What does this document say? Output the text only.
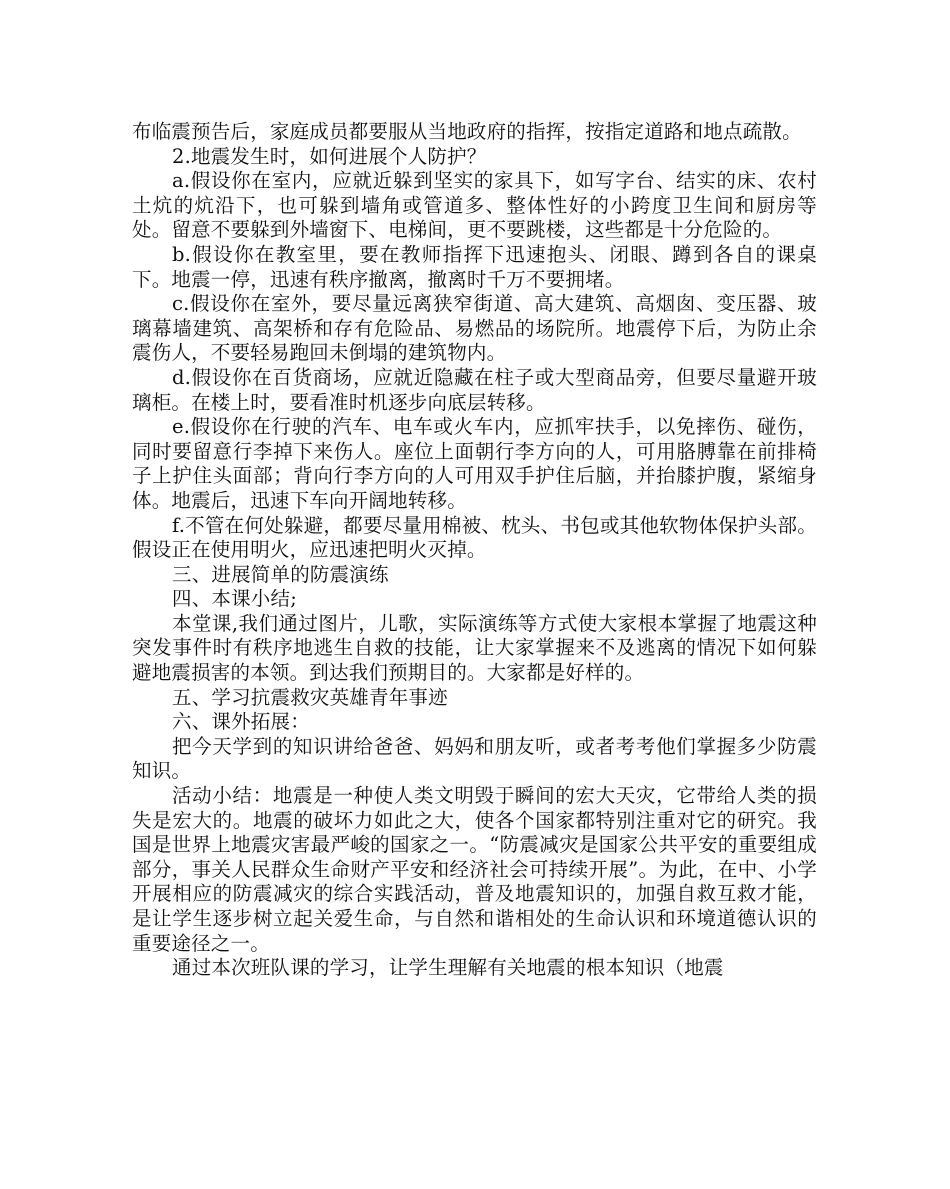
布临震预告后，家庭成员都要服从当地政府的指挥，按指定道路和地点疏散。

2.地震发生时，如何进展个人防护？

a.假设你在室内，应就近躲到坚实的家具下，如写字台、结实的床、农村土炕的炕沿下，也可躲到墙角或管道多、整体性好的小跨度卫生间和厨房等处。留意不要躲到外墙窗下、电梯间，更不要跳楼，这些都是十分危险的。

b.假设你在教室里，要在教师指挥下迅速抱头、闭眼、蹲到各自的课桌下。地震一停，迅速有秩序撤离，撤离时千万不要拥堵。

c.假设你在室外，要尽量远离狭窄街道、高大建筑、高烟囱、变压器、玻璃幕墙建筑、高架桥和存有危险品、易燃品的场院所。地震停下后，为防止余震伤人，不要轻易跑回未倒塌的建筑物内。

d.假设你在百货商场，应就近隐藏在柱子或大型商品旁，但要尽量避开玻璃柜。在楼上时，要看准时机逐步向底层转移。

e.假设你在行驶的汽车、电车或火车内，应抓牢扶手，以免摔伤、碰伤，同时要留意行李掉下来伤人。座位上面朝行李方向的人，可用胳膊靠在前排椅子上护住头面部；背向行李方向的人可用双手护住后脑，并抬膝护腹，紧缩身体。地震后，迅速下车向开阔地转移。

f.不管在何处躲避，都要尽量用棉被、枕头、书包或其他软物体保护头部。假设正在使用明火，应迅速把明火灭掉。

三、进展简单的防震演练

四、本课小结;

本堂课,我们通过图片，儿歌，实际演练等方式使大家根本掌握了地震这种突发事件时有秩序地逃生自救的技能，让大家掌握来不及逃离的情况下如何躲避地震损害的本领。到达我们预期目的。大家都是好样的。

五、学习抗震救灾英雄青年事迹

六、课外拓展：

把今天学到的知识讲给爸爸、妈妈和朋友听，或者考考他们掌握多少防震知识。

活动小结：地震是一种使人类文明毁于瞬间的宏大天灾，它带给人类的损失是宏大的。地震的破坏力如此之大，使各个国家都特别注重对它的研究。我国是世界上地震灾害最严峻的国家之一。“防震减灾是国家公共平安的重要组成部分，事关人民群众生命财产平安和经济社会可持续开展”。为此，在中、小学开展相应的防震减灾的综合实践活动，普及地震知识的，加强自救互救才能，是让学生逐步树立起关爱生命，与自然和谐相处的生命认识和环境道德认识的重要途径之一。

通过本次班队课的学习，让学生理解有关地震的根本知识（地震
